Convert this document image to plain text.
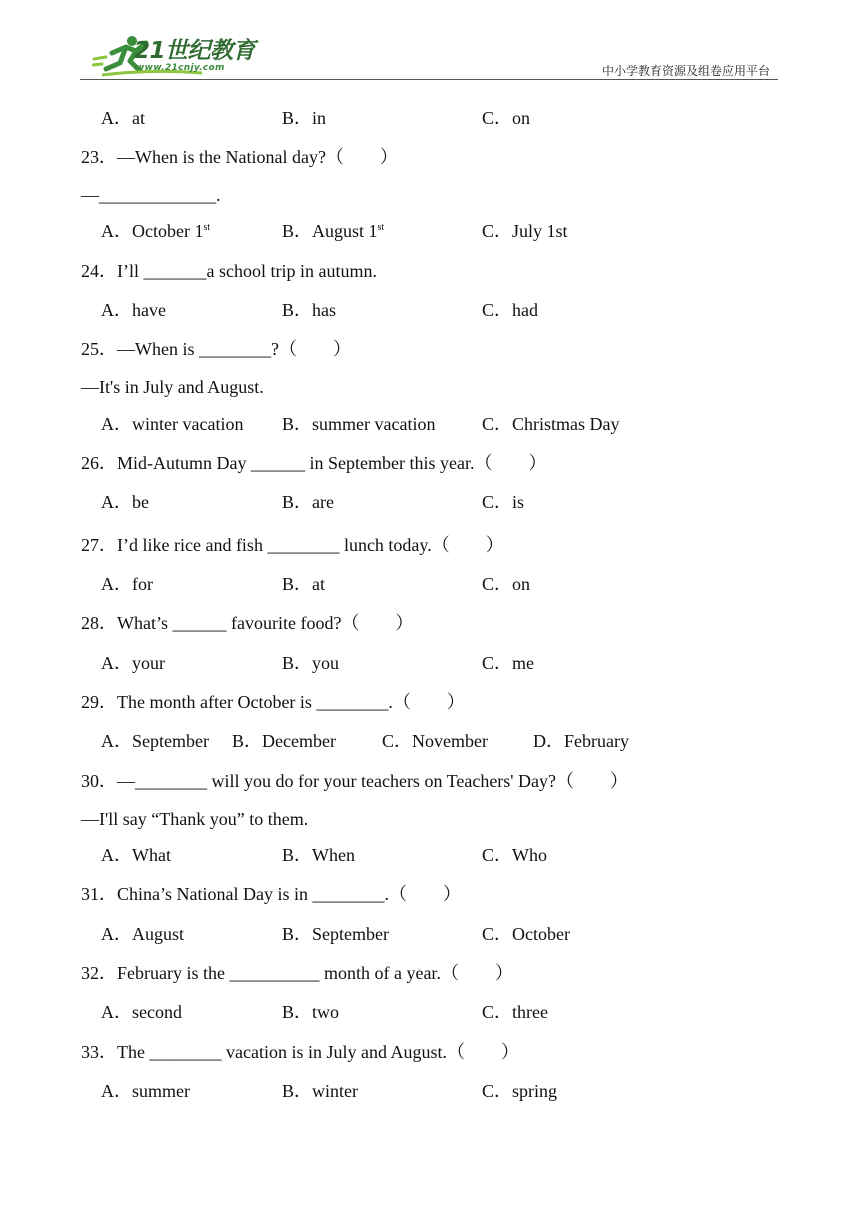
21世纪教育
www.21cnjy.com	中小学教育资源及组卷应用平台
A．at	B．in	C．on
23．—When is the National day?（　　）
—_____________.
A．October 1st	B．August 1st	C．July 1st
24．I’ll _______a school trip in autumn.
A．have	B．has	C．had
25．—When is ________?（　　）
—It's in July and August.
A．winter vacation B．summer vacation	C．Christmas Day
26．Mid-Autumn Day ______ in September this year.（　　）
A．be	B．are	C．is
27．I’d like rice and fish ________ lunch today.（　　）
A．for	B．at	C．on
28．What’s ______ favourite food?（　　）
A．your	B．you	C．me
29．The month after October is ________.（　　）
A．September B．December	C．November	D．February
30．—________ will you do for your teachers on Teachers' Day?（　　）
—I'll say “Thank you” to them.
A．What	B．When	C．Who
31．China’s National Day is in ________.（　　）
A．August	B．September	C．October
32．February is the __________ month of a year.（　　）
A．second	B．two	C．three
33．The ________ vacation is in July and August.（　　）
A．summer	B．winter	C．spring
